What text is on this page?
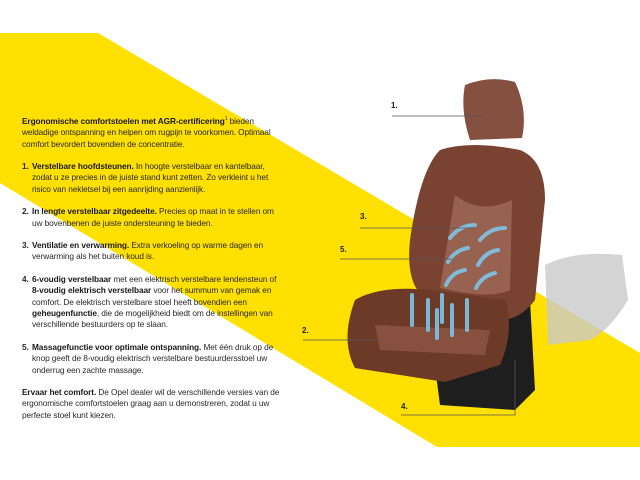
1.
2.
3.
4.
5.

Ergonomische comfortstoelen met AGR-certificering$^1$ bieden weldadige ontspanning en helpen om rugpijn te voorkomen. Optimaal comfort bevordert bovendien de concentratie.

1. Verstelbare hoofdsteunen. In hoogte verstelbaar en kantelbaar, zodat u ze precies in de juiste stand kunt zetten. Zo verkleint u het risico van nekletsel bij een aanrijding aanzienlijk.

2. In lengte verstelbaar zitgedeelte. Precies op maat in te stellen om uw bovenbenen de juiste ondersteuning te bieden.

3. Ventilatie en verwarming. Extra verkoeling op warme dagen en verwarming als het buiten koud is.

4. 6-voudig verstelbaar met een elektrisch verstelbare lendensteun of 8-voudig elektrisch verstelbaar voor het summum van gemak en comfort. De elektrisch verstelbare stoel heeft bovendien een geheugenfunctie, die de mogelijkheid biedt om de instellingen van verschillende bestuurders op te slaan.

5. Massagefunctie voor optimale ontspanning. Met één druk op de knop geeft de 8-voudig elektrisch verstelbare bestuurdersstoel uw onderrug een zachte massage.

Ervaar het comfort. De Opel dealer wil de verschillende versies van de ergonomische comfortstoelen graag aan u demonstreren, zodat u uw perfecte stoel kunt kiezen.
